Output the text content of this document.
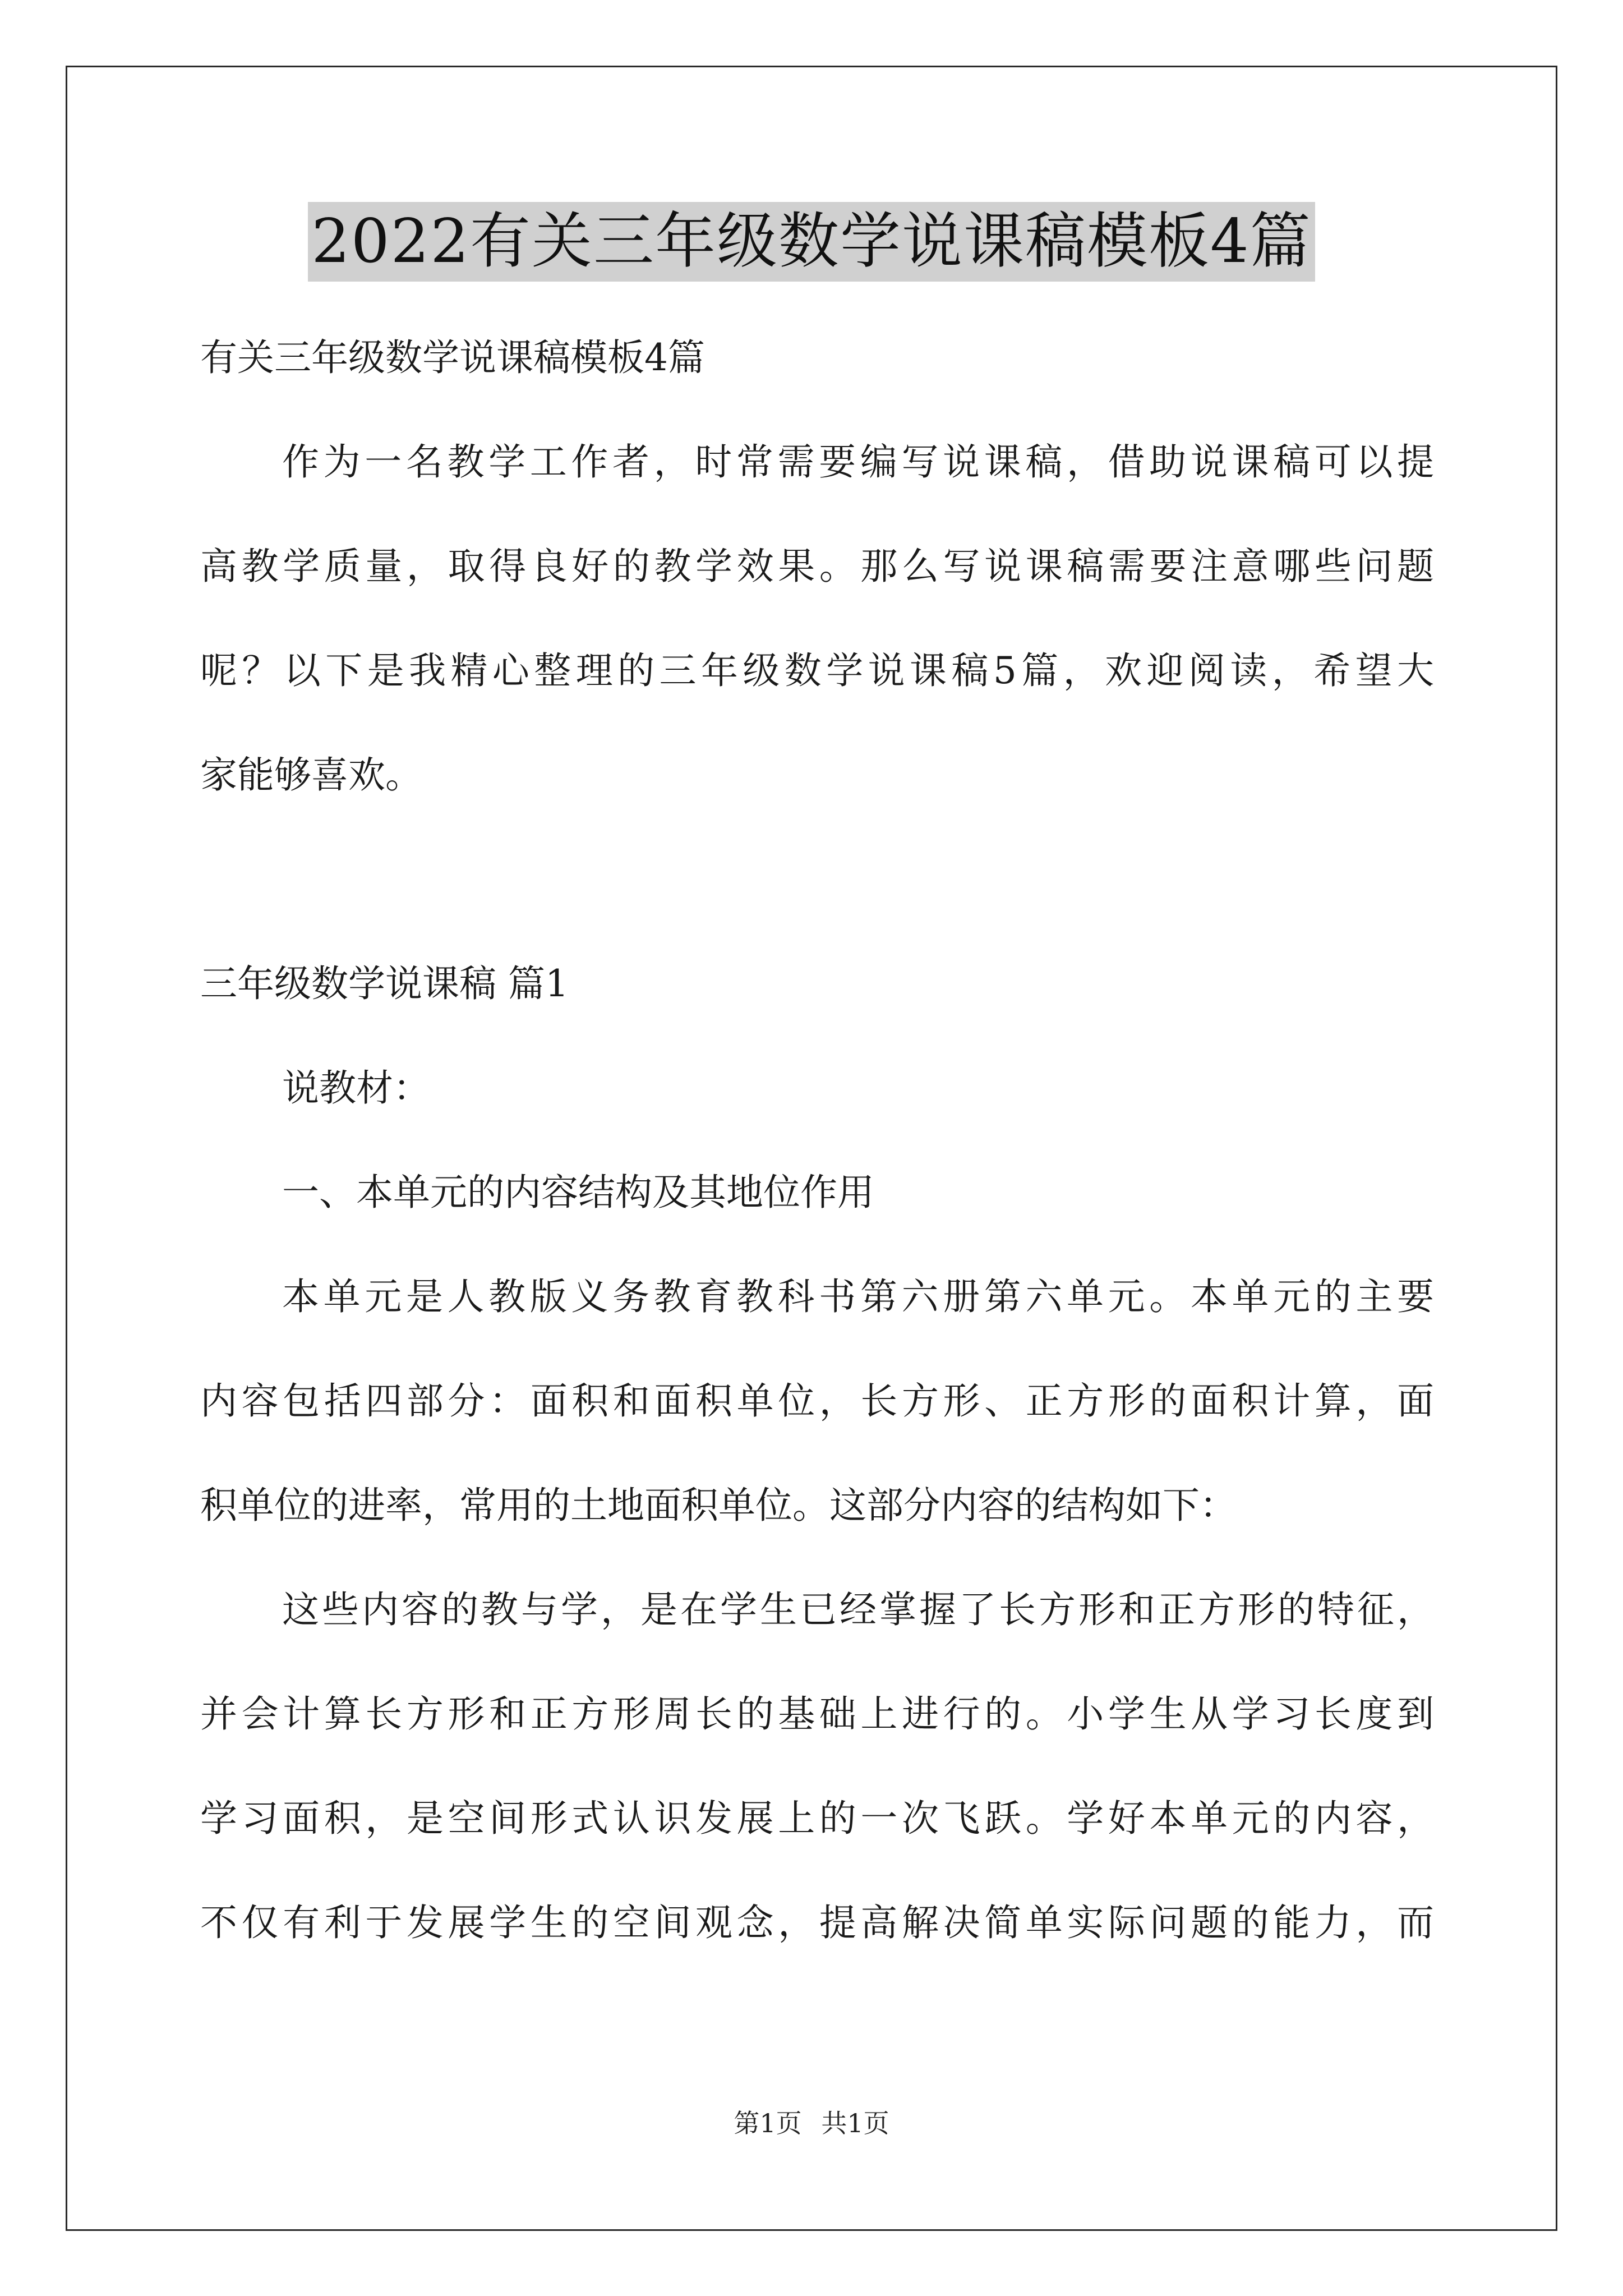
2022有关三年级数学说课稿模板4篇
有关三年级数学说课稿模板4篇
作为一名教学工作者，时常需要编写说课稿，借助说课稿可以提
高教学质量，取得良好的教学效果。那么写说课稿需要注意哪些问题
呢？以下是我精心整理的三年级数学说课稿5篇，欢迎阅读，希望大
家能够喜欢。
三年级数学说课稿 篇1
说教材：
一、本单元的内容结构及其地位作用
本单元是人教版义务教育教科书第六册第六单元。本单元的主要
内容包括四部分：面积和面积单位，长方形、正方形的面积计算，面
积单位的进率，常用的土地面积单位。这部分内容的结构如下：
这些内容的教与学，是在学生已经掌握了长方形和正方形的特征，
并会计算长方形和正方形周长的基础上进行的。小学生从学习长度到
学习面积，是空间形式认识发展上的一次飞跃。学好本单元的内容，
不仅有利于发展学生的空间观念，提高解决简单实际问题的能力，而
第1页 共1页
